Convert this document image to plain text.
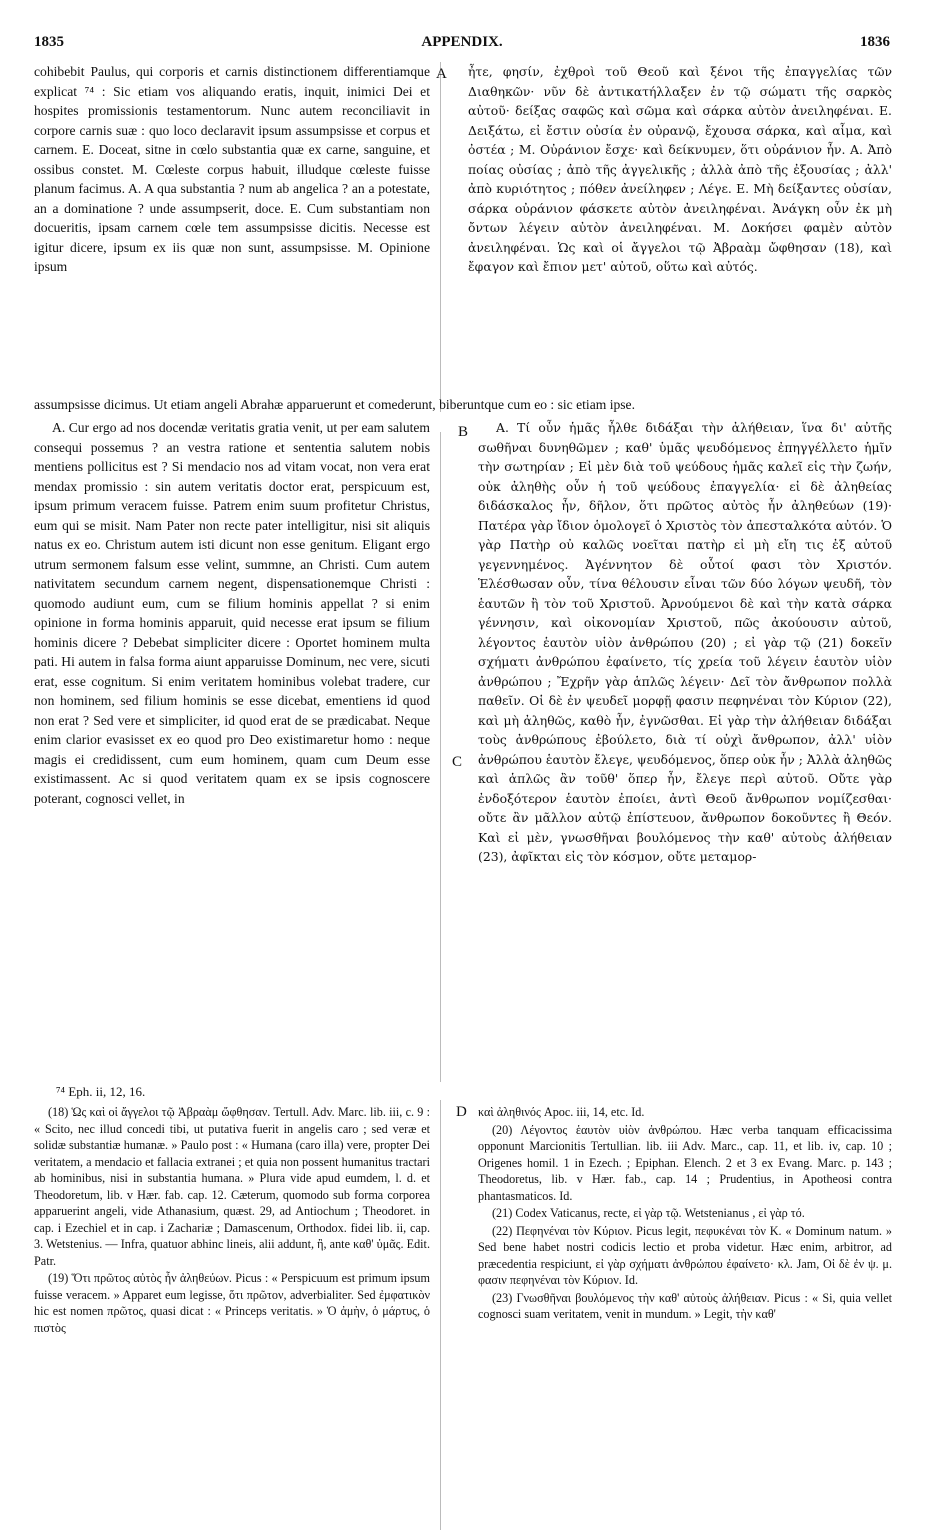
1835	APPENDIX.	1836

cohibebit Paulus, qui corporis et carnis distinctionem differentiamque explicat ⁷⁴ : Sic etiam vos aliquando eratis, inquit, inimici Dei et hospites promissionis testamentorum. Nunc autem reconciliavit in corpore carnis suæ : quo loco declaravit ipsum assumpsisse et corpus et carnem. E. Doceat, sitne in cœlo substantia quæ ex carne, sanguine, et ossibus constet. M. Cœleste corpus habuit, illudque cœleste fuisse planum facimus. A. A qua substantia ? num ab angelica ? an a potestate, an a dominatione ? unde assumpserit, doce. E. Cum substantiam non docueritis, ipsam carnem cœle tem assumpsisse dicitis. Necesse est igitur dicere, ipsum ex iis quæ non sunt, assumpsisse. M. Opinione ipsum

A ἦτε, φησίν, ἐχθροὶ τοῦ Θεοῦ καὶ ξένοι τῆς ἐπαγγελίας τῶν Διαθηκῶν· νῦν δὲ ἀντικατήλλαξεν ἐν τῷ σώματι τῆς σαρκὸς αὐτοῦ· δείξας σαφῶς καὶ σῶμα καὶ σάρκα αὐτὸν ἀνειληφέναι. Ε. Δειξάτω, εἰ ἔστιν οὐσία ἐν οὐρανῷ, ἔχουσα σάρκα, καὶ αἷμα, καὶ ὀστέα ; Μ. Οὐράνιον ἔσχε· καὶ δείκνυμεν, ὅτι οὐράνιον ἦν. Α. Ἀπὸ ποίας οὐσίας ; ἀπὸ τῆς ἀγγελικῆς ; ἀλλὰ ἀπὸ τῆς ἐξουσίας ; ἀλλ' ἀπὸ κυριότητος ; πόθεν ἀνείληφεν ; Λέγε. Ε. Μὴ δείξαντες οὐσίαν, σάρκα οὐράνιον φάσκετε αὐτὸν ἀνειληφέναι. Ἀνάγκη οὖν ἐκ μὴ ὄντων λέγειν αὐτὸν ἀνειληφέναι. Μ. Δοκήσει φαμὲν αὐτὸν ἀνειληφέναι. Ὡς καὶ οἱ ἄγγελοι τῷ Ἀβραὰμ ὤφθησαν (18), καὶ ἔφαγον καὶ ἔπιον μετ' αὐτοῦ, οὕτω καὶ αὐτός.

assumpsisse dicimus. Ut etiam angeli Abrahæ apparuerunt et comederunt, biberuntque cum eo : sic etiam ipse.

A. Cur ergo ad nos docendæ veritatis gratia venit, ut per eam salutem consequi possemus ? an vestra ratione et sententia salutem nobis mentiens pollicitus est ? Si mendacio nos ad vitam vocat, non vera erat mendax promissio : sin autem veritatis doctor erat, perspicuum est, ipsum primum veracem fuisse. Patrem enim suum profitetur Christus, eum qui se misit. Nam Pater non recte pater intelligitur, nisi sit aliquis natus ex eo. Christum autem isti dicunt non esse genitum. Eligant ergo utrum sermonem falsum esse velint, summne, an Christi. Cum autem nativitatem secundum carnem negent, dispensationemque Christi : quomodo audiunt eum, cum se filium hominis appellat ? si enim opinione in forma hominis apparuit, quid necesse erat ipsum se filium hominis dicere ? Debebat simpliciter dicere : Oportet hominem multa pati. Hi autem in falsa forma aiunt apparuisse Dominum, nec vere, sicuti erat, esse cognitum. Si enim veritatem hominibus volebat tradere, cur non hominem, sed filium hominis se esse dicebat, ementiens id quod non erat ? Sed vere et simpliciter, id quod erat de se prædicabat. Neque enim clarior evasisset ex eo quod pro Deo existimaretur homo : neque magis ei credidissent, cum eum hominem, quam cum Deum esse existimassent. Ac si quod veritatem quam ex se ipsis cognoscere poterant, cognosci vellet, in

B
C

Α. Τί οὖν ἡμᾶς ἦλθε διδάξαι τὴν ἀλήθειαν, ἵνα δι' αὐτῆς σωθῆναι δυνηθῶμεν ; καθ' ὑμᾶς ψευδόμενος ἐπηγγέλλετο ἡμῖν τὴν σωτηρίαν ; Εἰ μὲν διὰ τοῦ ψεύδους ἡμᾶς καλεῖ εἰς τὴν ζωήν, οὐκ ἀληθὴς οὖν ἡ τοῦ ψεύδους ἐπαγγελία· εἰ δὲ ἀληθείας διδάσκαλος ἦν, δῆλον, ὅτι πρῶτος αὐτὸς ἦν ἀληθεύων (19)· Πατέρα γὰρ ἴδιον ὁμολογεῖ ὁ Χριστὸς τὸν ἀπεσταλκότα αὐτόν. Ὁ γὰρ Πατὴρ οὐ καλῶς νοεῖται πατὴρ εἰ μὴ εἴη τις ἐξ αὐτοῦ γεγεννημένος. Ἀγέννητον δὲ οὗτοί φασι τὸν Χριστόν. Ἑλέσθωσαν οὖν, τίνα θέλουσιν εἶναι τῶν δύο λόγων ψευδῆ, τὸν ἑαυτῶν ἢ τὸν τοῦ Χριστοῦ. Ἀρνούμενοι δὲ καὶ τὴν κατὰ σάρκα γέννησιν, καὶ οἰκονομίαν Χριστοῦ, πῶς ἀκούουσιν αὐτοῦ, λέγοντος ἑαυτὸν υἱὸν ἀνθρώπου (20) ; εἰ γὰρ τῷ (21) δοκεῖν σχήματι ἀνθρώπου ἐφαίνετο, τίς χρεία τοῦ λέγειν ἑαυτὸν υἱὸν ἀνθρώπου ; Ἔχρῆν γὰρ ἁπλῶς λέγειν· Δεῖ τὸν ἄνθρωπον πολλὰ παθεῖν. Οἱ δὲ ἐν ψευδεῖ μορφῇ φασιν πεφηνέναι τὸν Κύριον (22), καὶ μὴ ἀληθῶς, καθὸ ἦν, ἐγνῶσθαι. Εἰ γὰρ τὴν ἀλήθειαν διδάξαι τοὺς ἀνθρώπους ἐβούλετο, διὰ τί οὐχὶ ἄνθρωπον, ἀλλ' υἱὸν ἀνθρώπου ἑαυτὸν ἔλεγε, ψευδόμενος, ὅπερ οὐκ ἦν ; Ἀλλὰ ἀληθῶς καὶ ἁπλῶς ἂν τοῦθ' ὅπερ ἦν, ἔλεγε περὶ αὐτοῦ. Οὔτε γὰρ ἐνδοξότερον ἑαυτὸν ἐποίει, ἀντὶ Θεοῦ ἄνθρωπον νομίζεσθαι· οὔτε ἂν μᾶλλον αὐτῷ ἐπίστευον, ἄνθρωπον δοκοῦντες ἢ Θεόν. Καὶ εἰ μὲν, γνωσθῆναι βουλόμενος τὴν καθ' αὐτοὺς ἀλήθειαν (23), ἀφῖκται εἰς τὸν κόσμον, οὔτε μεταμορ-

⁷⁴ Eph. ii, 12, 16.
D

(18) Ὡς καὶ οἱ ἄγγελοι τῷ Ἀβραὰμ ὤφθησαν. Tertull. Adv. Marc. lib. iii, c. 9 : « Scito, nec illud concedi tibi, ut putativa fuerit in angelis caro ; sed veræ et solidæ substantiæ humanæ. » Paulo post : « Humana (caro illa) vere, propter Dei veritatem, a mendacio et fallacia extranei ; et quia non possent humanitus tractari ab hominibus, nisi in substantia humana. » Plura vide apud eumdem, l. d. et Theodoretum, lib. v Hær. fab. cap. 12. Cæterum, quomodo sub forma corporea apparuerint angeli, vide Athanasium, quæst. 29, ad Antiochum ; Theodoret. in cap. i Ezechiel et in cap. i Zachariæ ; Damascenum, Orthodox. fidei lib. ii, cap. 3. Wetstenius. — Infra, quatuor abhinc lineis, alii addunt, ἢ, ante καθ' ὑμᾶς. Edit. Patr.

(19) Ὅτι πρῶτος αὐτὸς ἦν ἀληθεύων. Picus : « Perspicuum est primum ipsum fuisse veracem. » Apparet eum legisse, ὅτι πρῶτον, adverbialiter. Sed ἐμφατικὸν hic est nomen πρῶτος, quasi dicat : « Princeps veritatis. » Ὁ ἀμὴν, ὁ μάρτυς, ὁ πιστὸς

καὶ ἀληθινός Apoc. iii, 14, etc. Id.

(20) Λέγοντος ἑαυτὸν υἱὸν ἀνθρώπου. Hæc verba tanquam efficacissima opponunt Marcionitis Tertullian. lib. iii Adv. Marc., cap. 11, et lib. iv, cap. 10 ; Origenes homil. 1 in Ezech. ; Epiphan. Elench. 2 et 3 ex Evang. Marc. p. 143 ; Theodoretus, lib. v Hær. fab., cap. 14 ; Prudentius, in Apotheosi contra phantasmaticos. Id.

(21) Codex Vaticanus, recte, εἰ γὰρ τῷ. Wetstenianus , εἰ γὰρ τό.

(22) Πεφηνέναι τὸν Κύριον. Picus legit, πεφυκέναι τὸν Κ. « Dominum natum. » Sed bene habet nostri codicis lectio et proba videtur. Hæc enim, arbitror, ad præcedentia respiciunt, εἰ γὰρ σχήματι ἀνθρώπου ἐφαίνετο· κλ. Jam, Οἱ δὲ ἐν ψ. μ. φασιν πεφηνέναι τὸν Κύριον. Id.

(23) Γνωσθῆναι βουλόμενος τὴν καθ' αὐτοὺς ἀλήθειαν. Picus : « Si, quia vellet cognosci suam veritatem, venit in mundum. » Legit, τὴν καθ'
